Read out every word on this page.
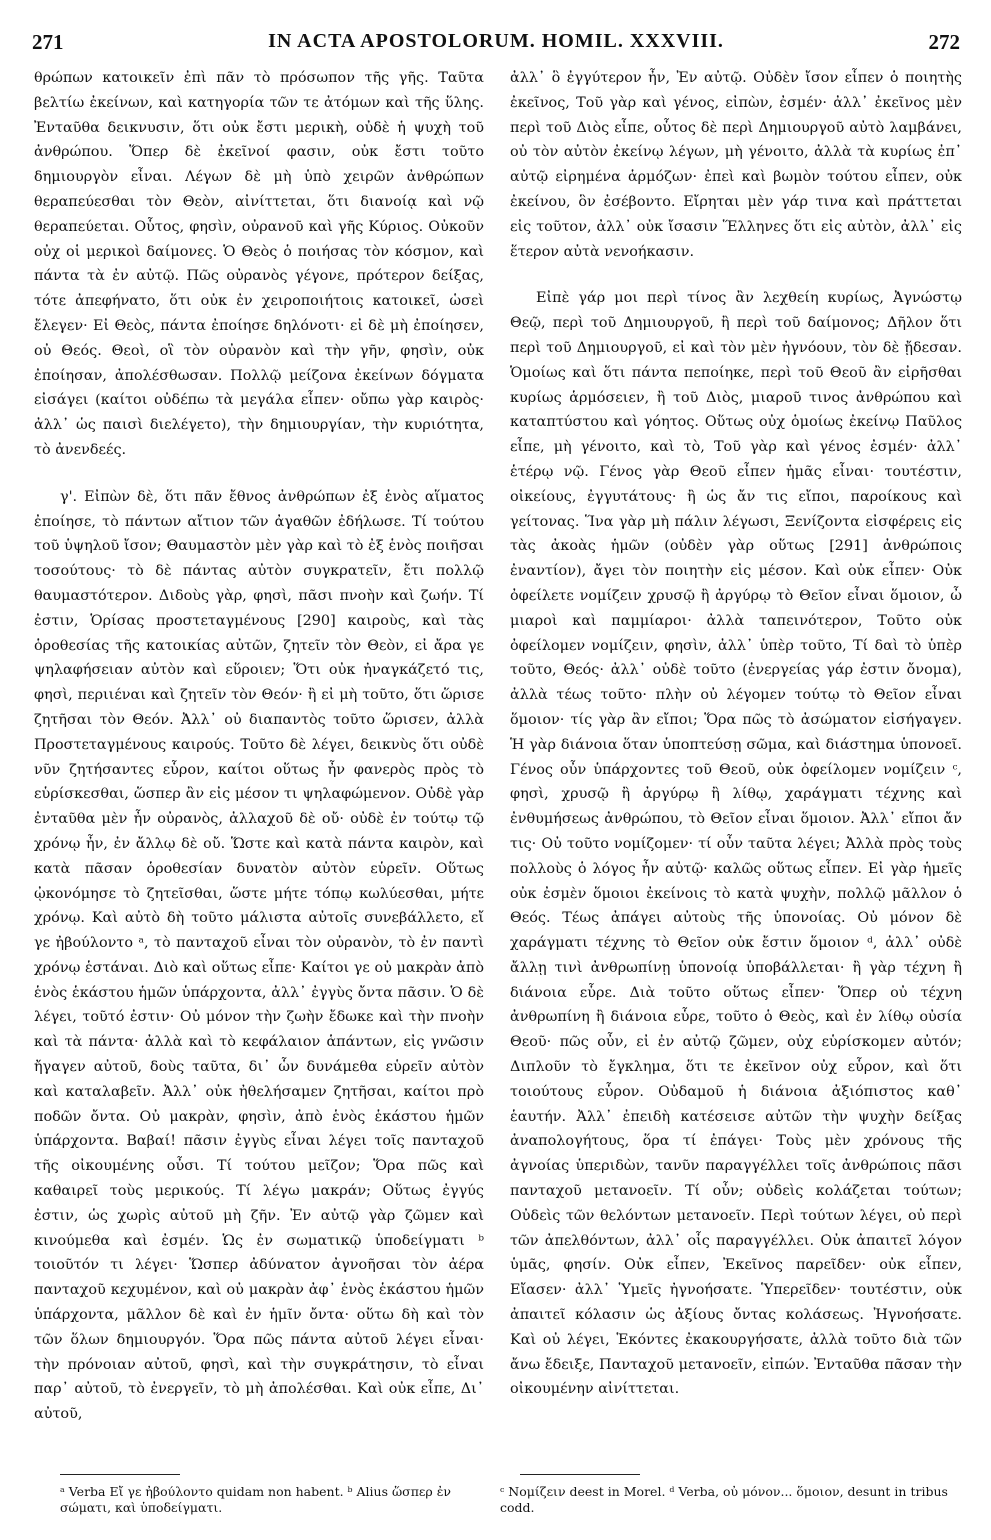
271	IN ACTA APOSTOLORUM. HOMIL. XXXVIII.	272

θρώπων κατοικεῖν ἐπὶ πᾶν τὸ πρόσωπον τῆς γῆς. Ταῦτα βελτίω ἐκείνων, καὶ κατηγορία τῶν τε ἀτόμων καὶ τῆς ὕλης. Ἐνταῦθα δεικνυσιν, ὅτι οὐκ ἔστι μερικὴ, οὐδὲ ἡ ψυχὴ τοῦ ἀνθρώπου. Ὅπερ δὲ ἐκεῖνοί φασιν, οὐκ ἔστι τοῦτο δημιουργὸν εἶναι. Λέγων δὲ μὴ ὑπὸ χειρῶν ἀνθρώπων θεραπεύεσθαι τὸν Θεὸν, αἰνίττεται, ὅτι διανοίᾳ καὶ νῷ θεραπεύεται. Οὗτος, φησὶν, οὐρανοῦ καὶ γῆς Κύριος. Οὐκοῦν οὐχ οἱ μερικοὶ δαίμονες. Ὁ Θεὸς ὁ ποιήσας τὸν κόσμον, καὶ πάντα τὰ ἐν αὐτῷ. Πῶς οὐρανὸς γέγονε, πρότερον δείξας, τότε ἀπεφήνατο, ὅτι οὐκ ἐν χειροποιήτοις κατοικεῖ, ὡσεὶ ἔλεγεν· Εἰ Θεὸς, πάντα ἐποίησε δηλόνοτι· εἰ δὲ μὴ ἐποίησεν, οὐ Θεός. Θεοὶ, οἳ τὸν οὐρανὸν καὶ τὴν γῆν, φησὶν, οὐκ ἐποίησαν, ἀπολέσθωσαν. Πολλῷ μείζονα ἐκείνων δόγματα εἰσάγει (καίτοι οὐδέπω τὰ μεγάλα εἶπεν· οὔπω γὰρ καιρὸς· ἀλλ᾽ ὡς παισὶ διελέγετο), τὴν δημιουργίαν, τὴν κυριότητα, τὸ ἀνενδεές.

γ'. Εἰπὼν δὲ, ὅτι πᾶν ἔθνος ἀνθρώπων ἐξ ἑνὸς αἵματος ἐποίησε, τὸ πάντων αἴτιον τῶν ἀγαθῶν ἐδήλωσε. Τί τούτου τοῦ ὑψηλοῦ ἴσον; Θαυμαστὸν μὲν γὰρ καὶ τὸ ἐξ ἑνὸς ποιῆσαι τοσούτους· τὸ δὲ πάντας αὐτὸν συγκρατεῖν, ἔτι πολλῷ θαυμαστότερον. Διδοὺς γὰρ, φησὶ, πᾶσι πνοὴν καὶ ζωήν. Τί ἐστιν, Ὁρίσας προστεταγμένους [290] καιροὺς, καὶ τὰς ὁροθεσίας τῆς κατοικίας αὐτῶν, ζητεῖν τὸν Θεὸν, εἰ ἄρα γε ψηλαφήσειαν αὐτὸν καὶ εὕροιεν; Ὅτι οὐκ ἠναγκάζετό τις, φησὶ, περιιέναι καὶ ζητεῖν τὸν Θεόν· ἢ εἰ μὴ τοῦτο, ὅτι ὥρισε ζητῆσαι τὸν Θεόν. Ἀλλ᾽ οὐ διαπαντὸς τοῦτο ὥρισεν, ἀλλὰ Προστεταγμένους καιρούς. Τοῦτο δὲ λέγει, δεικνὺς ὅτι οὐδὲ νῦν ζητήσαντες εὗρον, καίτοι οὕτως ἦν φανερὸς πρὸς τὸ εὑρίσκεσθαι, ὥσπερ ἂν εἰς μέσον τι ψηλαφώμενον. Οὐδὲ γὰρ ἐνταῦθα μὲν ἦν οὐρανὸς, ἀλλαχοῦ δὲ οὔ· οὐδὲ ἐν τούτῳ τῷ χρόνῳ ἦν, ἐν ἄλλῳ δὲ οὔ. Ὥστε καὶ κατὰ πάντα καιρὸν, καὶ κατὰ πᾶσαν ὁροθεσίαν δυνατὸν αὐτὸν εὑρεῖν. Οὕτως ᾠκονόμησε τὸ ζητεῖσθαι, ὥστε μήτε τόπῳ κωλύεσθαι, μήτε χρόνῳ. Καὶ αὐτὸ δὴ τοῦτο μάλιστα αὐτοῖς συνεβάλλετο, εἴ γε ἠβούλοντο ᵃ, τὸ πανταχοῦ εἶναι τὸν οὐρανὸν, τὸ ἐν παντὶ χρόνῳ ἑστάναι. Διὸ καὶ οὕτως εἶπε· Καίτοι γε οὐ μακρὰν ἀπὸ ἑνὸς ἑκάστου ἡμῶν ὑπάρχοντα, ἀλλ᾽ ἐγγὺς ὄντα πᾶσιν. Ὁ δὲ λέγει, τοῦτό ἐστιν· Οὐ μόνον τὴν ζωὴν ἔδωκε καὶ τὴν πνοὴν καὶ τὰ πάντα· ἀλλὰ καὶ τὸ κεφάλαιον ἁπάντων, εἰς γνῶσιν ἤγαγεν αὐτοῦ, δοὺς ταῦτα, δι᾽ ὧν δυνάμεθα εὑρεῖν αὐτὸν καὶ καταλαβεῖν. Ἀλλ᾽ οὐκ ἠθελήσαμεν ζητῆσαι, καίτοι πρὸ ποδῶν ὄντα. Οὐ μακρὰν, φησὶν, ἀπὸ ἑνὸς ἑκάστου ἡμῶν ὑπάρχοντα. Βαβαί! πᾶσιν ἐγγὺς εἶναι λέγει τοῖς πανταχοῦ τῆς οἰκουμένης οὖσι. Τί τούτου μεῖζον; Ὅρα πῶς καὶ καθαιρεῖ τοὺς μερικούς. Τί λέγω μακράν; Οὕτως ἐγγύς ἐστιν, ὡς χωρὶς αὐτοῦ μὴ ζῆν. Ἐν αὐτῷ γὰρ ζῶμεν καὶ κινούμεθα καὶ ἐσμέν. Ὡς ἐν σωματικῷ ὑποδείγματι ᵇ τοιοῦτόν τι λέγει· Ὥσπερ ἀδύνατον ἀγνοῆσαι τὸν ἀέρα πανταχοῦ κεχυμένον, καὶ οὐ μακρὰν ἀφ᾽ ἑνὸς ἑκάστου ἡμῶν ὑπάρχοντα, μᾶλλον δὲ καὶ ἐν ἡμῖν ὄντα· οὕτω δὴ καὶ τὸν τῶν ὅλων δημιουργόν. Ὅρα πῶς πάντα αὐτοῦ λέγει εἶναι· τὴν πρόνοιαν αὐτοῦ, φησὶ, καὶ τὴν συγκράτησιν, τὸ εἶναι παρ᾽ αὐτοῦ, τὸ ἐνεργεῖν, τὸ μὴ ἀπολέσθαι. Καὶ οὐκ εἶπε, Δι᾽ αὐτοῦ,

ἀλλ᾽ ὃ ἐγγύτερον ἦν, Ἐν αὐτῷ. Οὐδὲν ἴσον εἶπεν ὁ ποιητὴς ἐκεῖνος, Τοῦ γὰρ καὶ γένος, εἰπὼν, ἐσμέν· ἀλλ᾽ ἐκεῖνος μὲν περὶ τοῦ Διὸς εἶπε, οὗτος δὲ περὶ Δημιουργοῦ αὐτὸ λαμβάνει, οὐ τὸν αὐτὸν ἐκείνῳ λέγων, μὴ γένοιτο, ἀλλὰ τὰ κυρίως ἐπ᾽ αὐτῷ εἰρημένα ἁρμόζων· ἐπεὶ καὶ βωμὸν τούτου εἶπεν, οὐκ ἐκείνου, ὃν ἐσέβοντο. Εἴρηται μὲν γάρ τινα καὶ πράττεται εἰς τοῦτον, ἀλλ᾽ οὐκ ἴσασιν Ἕλληνες ὅτι εἰς αὐτὸν, ἀλλ᾽ εἰς ἕτερον αὐτὰ νενοήκασιν.

Εἰπὲ γάρ μοι περὶ τίνος ἂν λεχθείη κυρίως, Ἀγνώστῳ Θεῷ, περὶ τοῦ Δημιουργοῦ, ἢ περὶ τοῦ δαίμονος; Δῆλον ὅτι περὶ τοῦ Δημιουργοῦ, εἰ καὶ τὸν μὲν ἠγνόουν, τὸν δὲ ᾔδεσαν. Ὁμοίως καὶ ὅτι πάντα πεποίηκε, περὶ τοῦ Θεοῦ ἂν εἰρῆσθαι κυρίως ἁρμόσειεν, ἢ τοῦ Διὸς, μιαροῦ τινος ἀνθρώπου καὶ καταπτύστου καὶ γόητος. Οὕτως οὐχ ὁμοίως ἐκείνῳ Παῦλος εἶπε, μὴ γένοιτο, καὶ τὸ, Τοῦ γὰρ καὶ γένος ἐσμέν· ἀλλ᾽ ἑτέρῳ νῷ. Γένος γὰρ Θεοῦ εἶπεν ἡμᾶς εἶναι· τουτέστιν, οἰκείους, ἐγγυτάτους· ἢ ὡς ἄν τις εἴποι, παροίκους καὶ γείτονας. Ἵνα γὰρ μὴ πάλιν λέγωσι, Ξενίζοντα εἰσφέρεις εἰς τὰς ἀκοὰς ἡμῶν (οὐδὲν γὰρ οὕτως [291] ἀνθρώποις ἐναντίον), ἄγει τὸν ποιητὴν εἰς μέσον. Καὶ οὐκ εἶπεν· Οὐκ ὀφείλετε νομίζειν χρυσῷ ἢ ἀργύρῳ τὸ Θεῖον εἶναι ὅμοιον, ὦ μιαροὶ καὶ παμμίαροι· ἀλλὰ ταπεινότερον, Τοῦτο οὐκ ὀφείλομεν νομίζειν, φησὶν, ἀλλ᾽ ὑπὲρ τοῦτο, Τί δαὶ τὸ ὑπὲρ τοῦτο, Θεός· ἀλλ᾽ οὐδὲ τοῦτο (ἐνεργείας γάρ ἐστιν ὄνομα), ἀλλὰ τέως τοῦτο· πλὴν οὐ λέγομεν τούτῳ τὸ Θεῖον εἶναι ὅμοιον· τίς γὰρ ἂν εἴποι; Ὅρα πῶς τὸ ἀσώματον εἰσήγαγεν. Ἡ γὰρ διάνοια ὅταν ὑποπτεύσῃ σῶμα, καὶ διάστημα ὑπονοεῖ. Γένος οὖν ὑπάρχοντες τοῦ Θεοῦ, οὐκ ὀφείλομεν νομίζειν ᶜ, φησὶ, χρυσῷ ἢ ἀργύρῳ ἢ λίθῳ, χαράγματι τέχνης καὶ ἐνθυμήσεως ἀνθρώπου, τὸ Θεῖον εἶναι ὅμοιον. Ἀλλ᾽ εἴποι ἄν τις· Οὐ τοῦτο νομίζομεν· τί οὖν ταῦτα λέγει; Ἀλλὰ πρὸς τοὺς πολλοὺς ὁ λόγος ἦν αὐτῷ· καλῶς οὕτως εἶπεν. Εἰ γὰρ ἡμεῖς οὐκ ἐσμὲν ὅμοιοι ἐκείνοις τὸ κατὰ ψυχὴν, πολλῷ μᾶλλον ὁ Θεός. Τέως ἀπάγει αὐτοὺς τῆς ὑπονοίας. Οὐ μόνον δὲ χαράγματι τέχνης τὸ Θεῖον οὐκ ἔστιν ὅμοιον ᵈ, ἀλλ᾽ οὐδὲ ἄλλῃ τινὶ ἀνθρωπίνῃ ὑπονοίᾳ ὑποβάλλεται· ἢ γὰρ τέχνη ἢ διάνοια εὗρε. Διὰ τοῦτο οὕτως εἶπεν· Ὅπερ οὐ τέχνη ἀνθρωπίνη ἢ διάνοια εὗρε, τοῦτο ὁ Θεὸς, καὶ ἐν λίθῳ οὐσία Θεοῦ· πῶς οὖν, εἰ ἐν αὐτῷ ζῶμεν, οὐχ εὑρίσκομεν αὐτόν; Διπλοῦν τὸ ἔγκλημα, ὅτι τε ἐκεῖνον οὐχ εὗρον, καὶ ὅτι τοιούτους εὗρον. Οὐδαμοῦ ἡ διάνοια ἀξιόπιστος καθ᾽ ἑαυτήν. Ἀλλ᾽ ἐπειδὴ κατέσεισε αὐτῶν τὴν ψυχὴν δείξας ἀναπολογήτους, ὅρα τί ἐπάγει· Τοὺς μὲν χρόνους τῆς ἀγνοίας ὑπεριδὼν, τανῦν παραγγέλλει τοῖς ἀνθρώποις πᾶσι πανταχοῦ μετανοεῖν. Τί οὖν; οὐδεὶς κολάζεται τούτων; Οὐδεὶς τῶν θελόντων μετανοεῖν. Περὶ τούτων λέγει, οὐ περὶ τῶν ἀπελθόντων, ἀλλ᾽ οἷς παραγγέλλει. Οὐκ ἀπαιτεῖ λόγον ὑμᾶς, φησίν. Οὐκ εἶπεν, Ἐκεῖνος παρεῖδεν· οὐκ εἶπεν, Εἴασεν· ἀλλ᾽ Ὑμεῖς ἠγνοήσατε. Ὑπερεῖδεν· τουτέστιν, οὐκ ἀπαιτεῖ κόλασιν ὡς ἀξίους ὄντας κολάσεως. Ἠγνοήσατε. Καὶ οὐ λέγει, Ἑκόντες ἐκακουργήσατε, ἀλλὰ τοῦτο διὰ τῶν ἄνω ἔδειξε, Πανταχοῦ μετανοεῖν, εἰπών. Ἐνταῦθα πᾶσαν τὴν οἰκουμένην αἰνίττεται.

ᵃ Verba Εἴ γε ἠβούλοντο quidam non habent. ᵇ Alius ὥσπερ ἐν σώματι, καὶ ὑποδείγματι.
ᶜ Νομίζειν deest in Morel. ᵈ Verba, οὐ μόνον... ὅμοιον, desunt in tribus codd.
